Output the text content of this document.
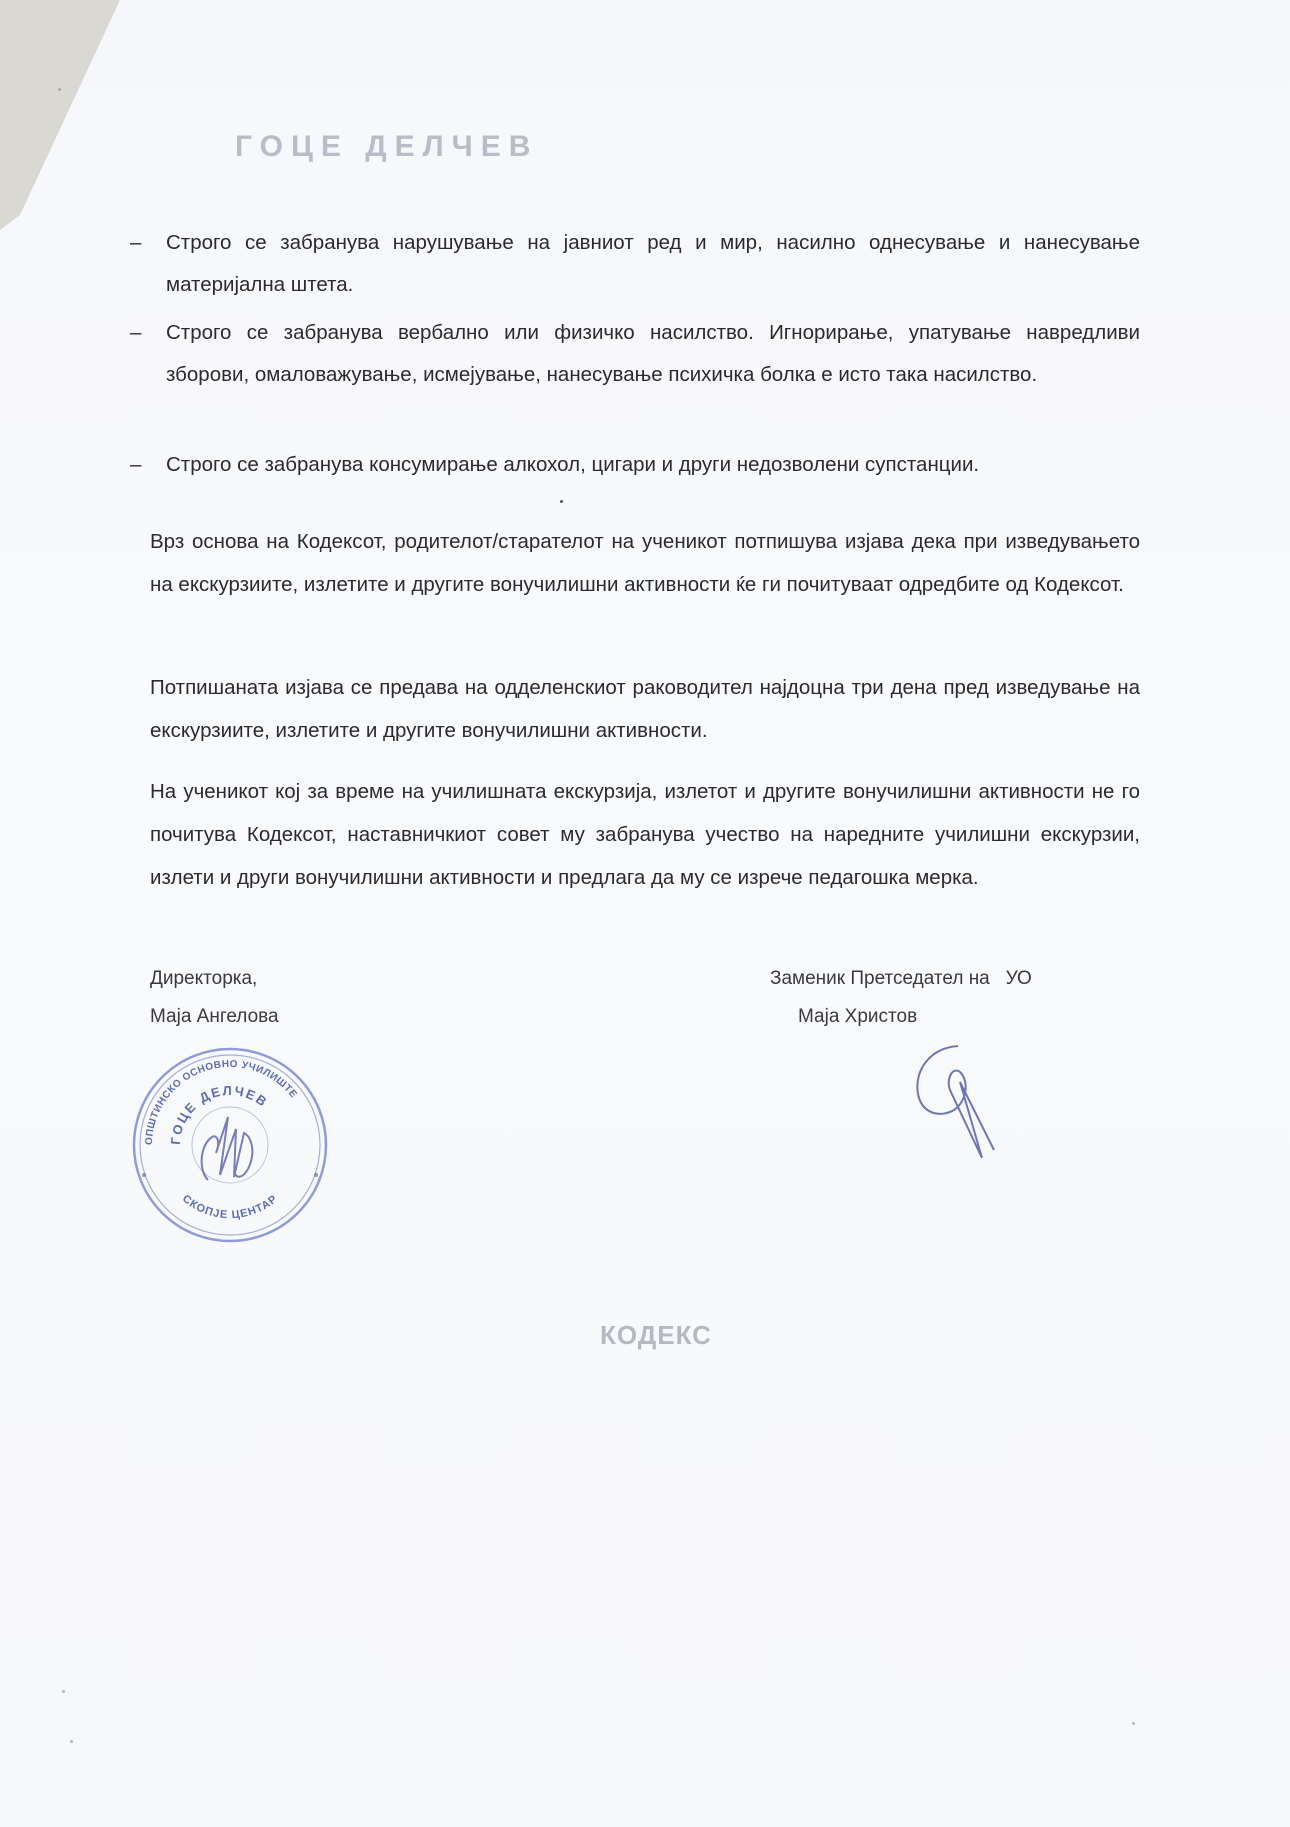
ГОЦЕ ДЕЛЧЕВ
КОДЕКС
–	Строго се забранува нарушување на јавниот ред и мир, насилно однесување и нанесување материјална штета.
–	Строго се забранува вербално или физичко насилство. Игнорирање, упатување навредливи зборови, омаловажување, исмејување, нанесување психичка болка е исто така насилство.
–	Строго се забранува консумирање алкохол, цигари и други недозволени супстанции.
Врз основа на Кодексот, родителот/старателот на ученикот потпишува изјава дека при изведувањето на екскурзиите, излетите и другите вонучилишни активности ќе ги почитуваат одредбите од Кодексот.
Потпишаната изјава се предава на одделенскиот раководител најдоцна три дена пред изведување на екскурзиите, излетите и другите вонучилишни активности.
На ученикот кој за време на училишната екскурзија, излетот и другите вонучилишни активности не го почитува Кодексот, наставничкиот совет му забранува учество на наредните училишни екскурзии, излети и други вонучилишни активности и предлага да му се изрече педагошка мерка.
Директорка,
Маја Ангелова
Заменик Претседател на   УО
Маја Христов
ОПШТИНСКО ОСНОВНО УЧИЛИШТЕ
ГОЦЕ ДЕЛЧЕВ
СКОПЈЕ ЦЕНТАР
